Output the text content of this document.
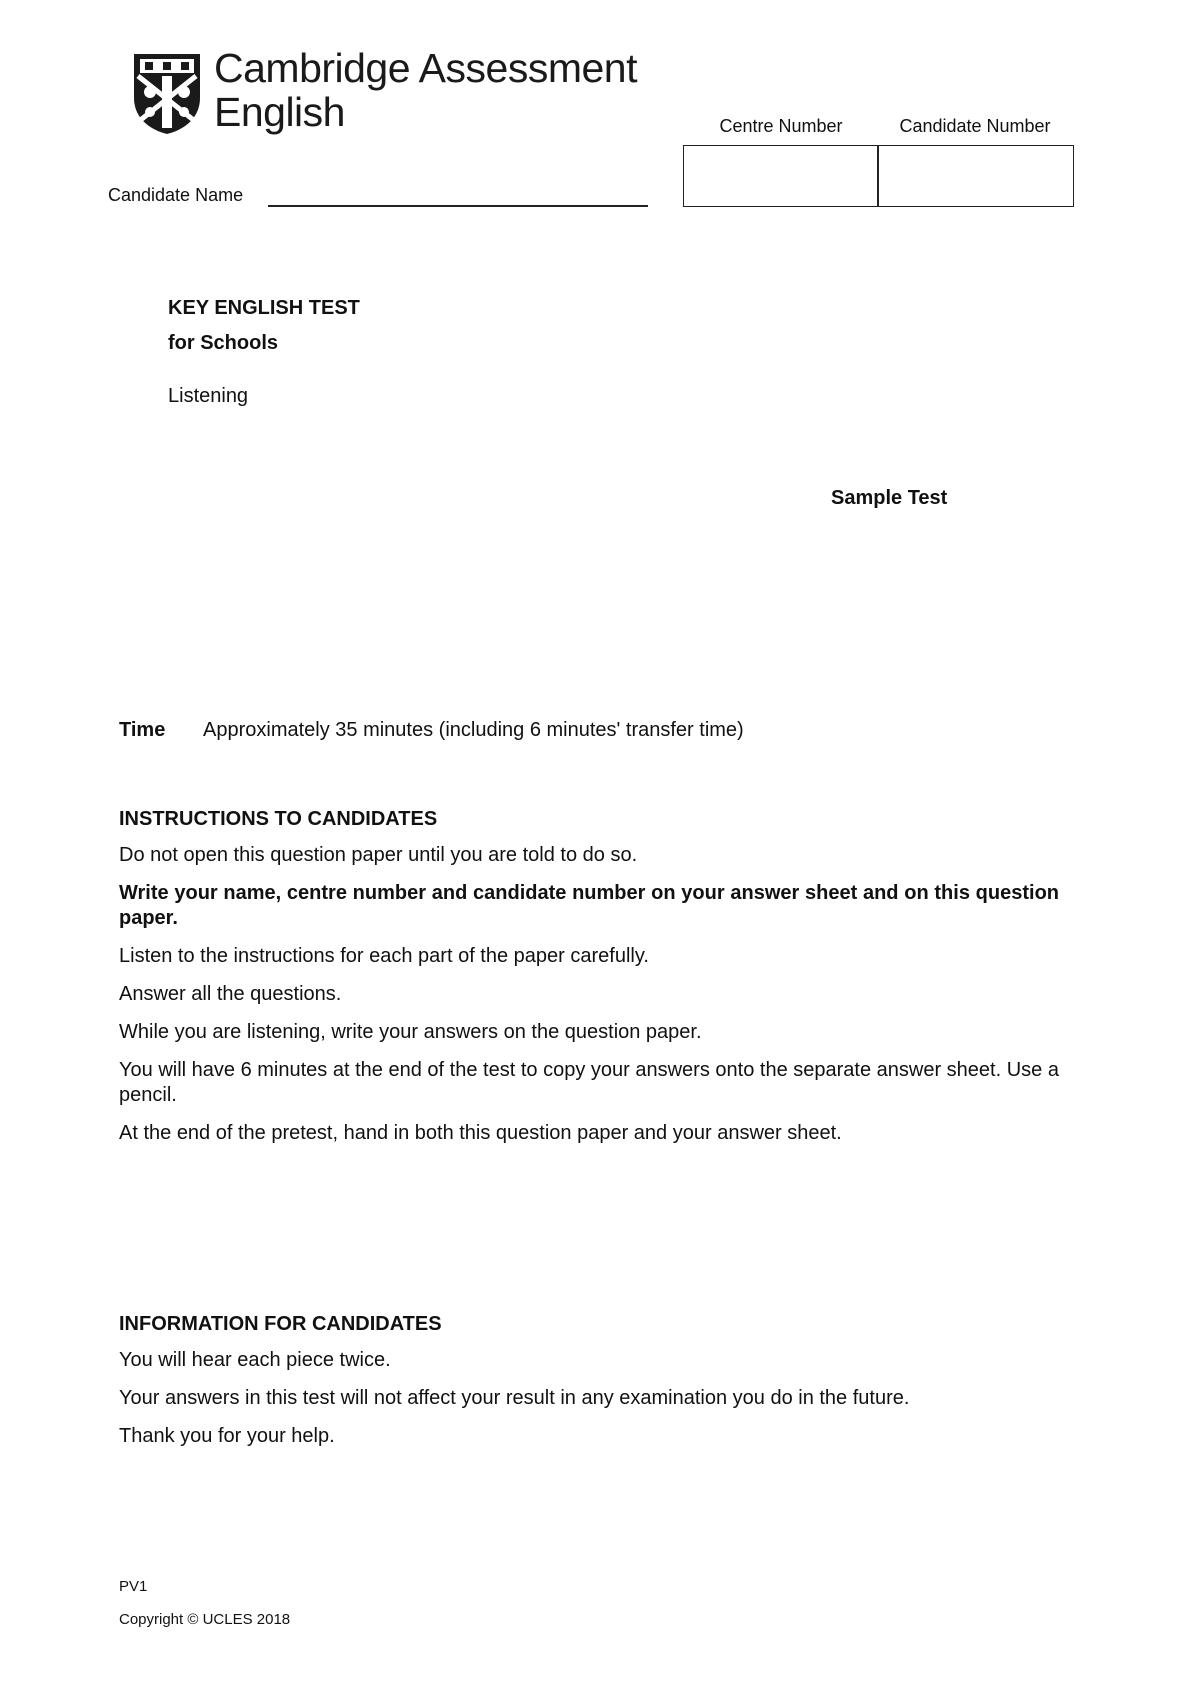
Cambridge Assessment
English
Candidate Name
Centre Number	Candidate Number
KEY ENGLISH TEST
for Schools
Listening
Sample Test
Time Approximately 35 minutes (including 6 minutes' transfer time)
INSTRUCTIONS TO CANDIDATES

Do not open this question paper until you are told to do so.

Write your name, centre number and candidate number on your answer sheet and on this question paper.

Listen to the instructions for each part of the paper carefully.

Answer all the questions.

While you are listening, write your answers on the question paper.

You will have 6 minutes at the end of the test to copy your answers onto the separate answer sheet. Use a pencil.

At the end of the pretest, hand in both this question paper and your answer sheet.

INFORMATION FOR CANDIDATES

You will hear each piece twice.

Your answers in this test will not affect your result in any examination you do in the future.

Thank you for your help.

PV1
Copyright © UCLES 2018
